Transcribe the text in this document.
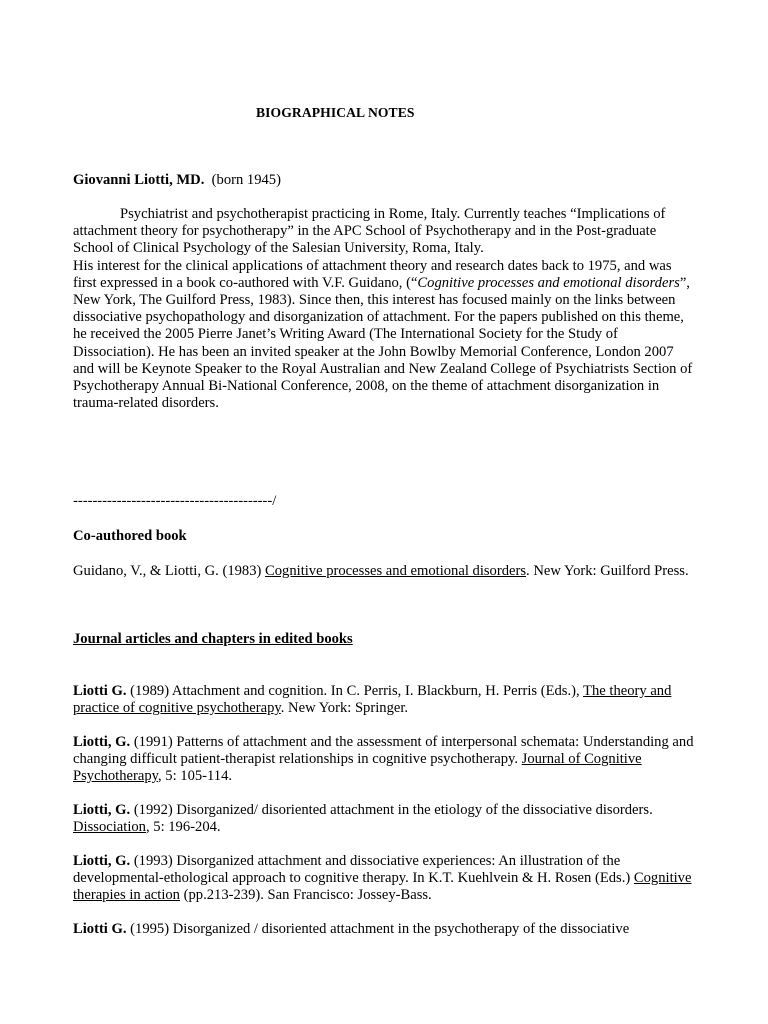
BIOGRAPHICAL NOTES
Giovanni Liotti, MD. (born 1945)

Psychiatrist and psychotherapist practicing in Rome, Italy. Currently teaches “Implications of attachment theory for psychotherapy” in the APC School of Psychotherapy and in the Post-graduate School of Clinical Psychology of the Salesian University, Roma, Italy.

His interest for the clinical applications of attachment theory and research dates back to 1975, and was first expressed in a book co-authored with V.F. Guidano, (“Cognitive processes and emotional disorders”, New York, The Guilford Press, 1983). Since then, this interest has focused mainly on the links between dissociative psychopathology and disorganization of attachment. For the papers published on this theme, he received the 2005 Pierre Janet’s Writing Award (The International Society for the Study of Dissociation). He has been an invited speaker at the John Bowlby Memorial Conference, London 2007 and will be Keynote Speaker to the Royal Australian and New Zealand College of Psychiatrists Section of Psychotherapy Annual Bi-National Conference, 2008, on the theme of attachment disorganization in trauma-related disorders.

-----------------------------------------/
Co-authored book
Guidano, V., & Liotti, G. (1983) Cognitive processes and emotional disorders. New York: Guilford Press.
Journal articles and chapters in edited books
Liotti G. (1989) Attachment and cognition. In C. Perris, I. Blackburn, H. Perris (Eds.), The theory and practice of cognitive psychotherapy. New York: Springer.
Liotti, G. (1991) Patterns of attachment and the assessment of interpersonal schemata: Understanding and changing difficult patient-therapist relationships in cognitive psychotherapy. Journal of Cognitive Psychotherapy, 5: 105-114.
Liotti, G. (1992) Disorganized/ disoriented attachment in the etiology of the dissociative disorders. Dissociation, 5: 196-204.
Liotti, G. (1993) Disorganized attachment and dissociative experiences: An illustration of the developmental-ethological approach to cognitive therapy. In K.T. Kuehlvein & H. Rosen (Eds.) Cognitive therapies in action (pp.213-239). San Francisco: Jossey-Bass.
Liotti G. (1995) Disorganized / disoriented attachment in the psychotherapy of the dissociative
